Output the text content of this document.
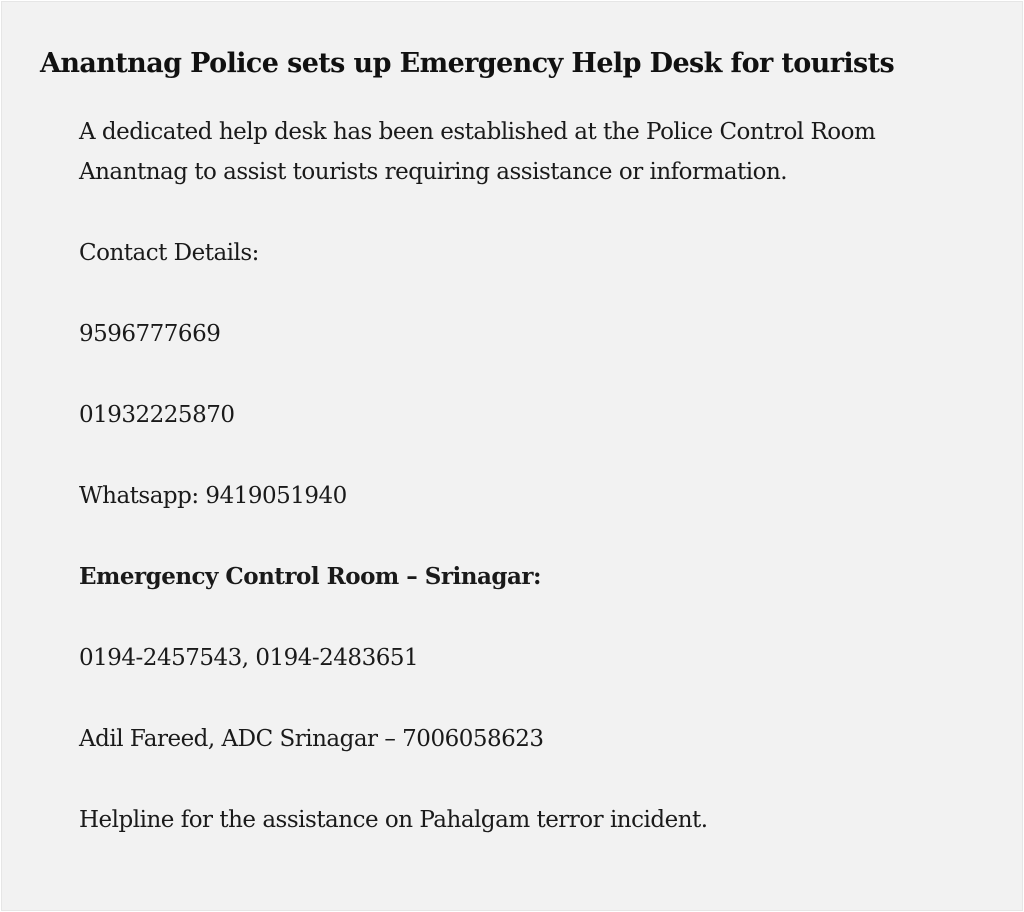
Anantnag Police sets up Emergency Help Desk for tourists

A dedicated help desk has been established at the Police Control Room Anantnag to assist tourists requiring assistance or information.

Contact Details:

9596777669

01932225870

Whatsapp: 9419051940

Emergency Control Room – Srinagar:

0194-2457543, 0194-2483651

Adil Fareed, ADC Srinagar – 7006058623

Helpline for the assistance on Pahalgam terror incident.
